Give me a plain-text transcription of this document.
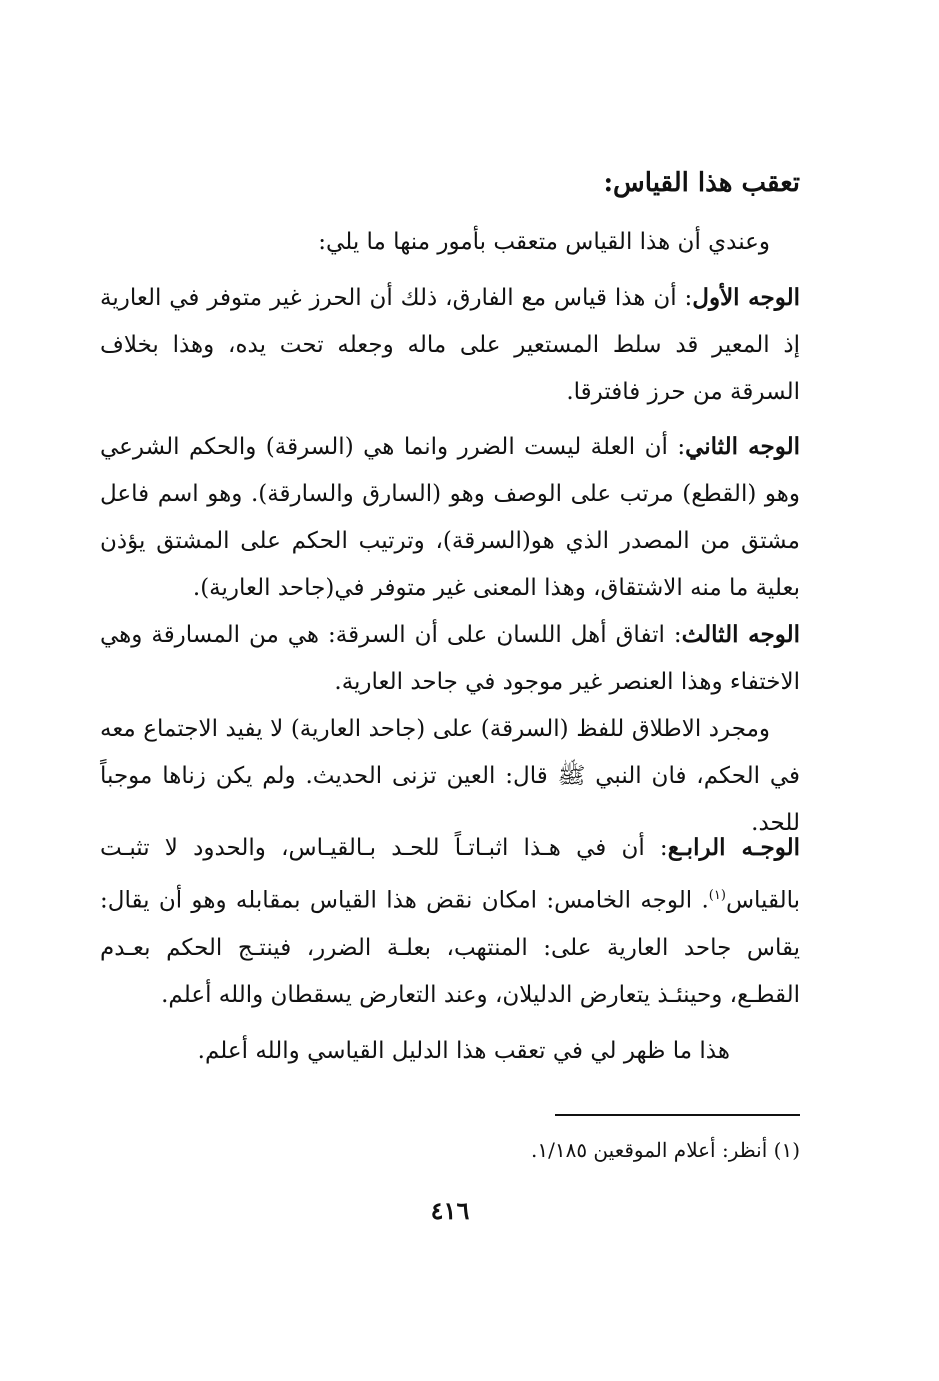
تعقب هذا القياس:

وعندي أن هذا القياس متعقب بأمور منها ما يلي:

الوجه الأول: أن هذا قياس مع الفارق، ذلك أن الحرز غير متوفر في العارية إذ المعير قد سلط المستعير على ماله وجعله تحت يده، وهذا بخلاف السرقة من حرز فافترقا.

الوجه الثاني: أن العلة ليست الضرر وانما هي (السرقة) والحكم الشرعي وهو (القطع) مرتب على الوصف وهو (السارق والسارقة). وهو اسم فاعل مشتق من المصدر الذي هو(السرقة)، وترتيب الحكم على المشتق يؤذن بعلية ما منه الاشتقاق، وهذا المعنى غير متوفر في(جاحد العارية).

الوجه الثالث: اتفاق أهل اللسان على أن السرقة: هي من المسارقة وهي الاختفاء وهذا العنصر غير موجود في جاحد العارية.

ومجرد الاطلاق للفظ (السرقة) على (جاحد العارية) لا يفيد الاجتماع معه في الحكم، فان النبي ﷺ قال: العين تزنى الحديث. ولم يكن زناها موجباً للحد.

الوجـه الرابـع: أن في هـذا اثبـاتـاً للحـد بـالقيـاس، والحدود لا تثبـت بالقياس$^{(١)}$. الوجه الخامس: امكان نقض هذا القياس بمقابله وهو أن يقال: يقاس جاحد العارية على: المنتهب، بعلـة الضرر، فينتـج الحكم بعـدم القطـع، وحينئـذ يتعارض الدليلان، وعند التعارض يسقطان والله أعلم.

هذا ما ظهر لي في تعقب هذا الدليل القياسي والله أعلم.

(١) أنظر: أعلام الموقعين ١/١٨٥.

٤١٦
